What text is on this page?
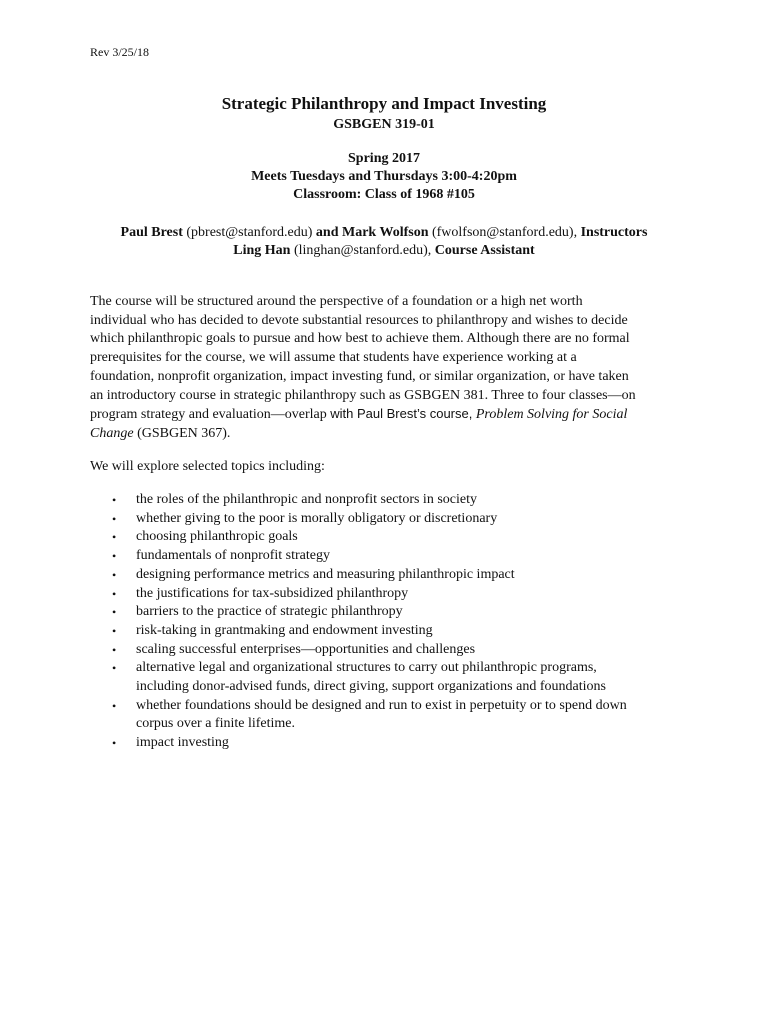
Rev 3/25/18
Strategic Philanthropy and Impact Investing
GSBGEN 319-01
Spring 2017
Meets Tuesdays and Thursdays 3:00-4:20pm
Classroom: Class of 1968 #105
Paul Brest (pbrest@stanford.edu) and Mark Wolfson (fwolfson@stanford.edu), Instructors
Ling Han (linghan@stanford.edu), Course Assistant
The course will be structured around the perspective of a foundation or a high net worth
individual who has decided to devote substantial resources to philanthropy and wishes to decide
which philanthropic goals to pursue and how best to achieve them. Although there are no formal
prerequisites for the course, we will assume that students have experience working at a
foundation, nonprofit organization, impact investing fund, or similar organization, or have taken
an introductory course in strategic philanthropy such as GSBGEN 381. Three to four classes—on
program strategy and evaluation—overlap with Paul Brest’s course, Problem Solving for Social
Change (GSBGEN 367).
We will explore selected topics including:
• the roles of the philanthropic and nonprofit sectors in society
• whether giving to the poor is morally obligatory or discretionary
• choosing philanthropic goals
• fundamentals of nonprofit strategy
• designing performance metrics and measuring philanthropic impact
• the justifications for tax-subsidized philanthropy
• barriers to the practice of strategic philanthropy
• risk-taking in grantmaking and endowment investing
• scaling successful enterprises—opportunities and challenges
• alternative legal and organizational structures to carry out philanthropic programs,
including donor-advised funds, direct giving, support organizations and foundations
• whether foundations should be designed and run to exist in perpetuity or to spend down
corpus over a finite lifetime.
• impact investing
